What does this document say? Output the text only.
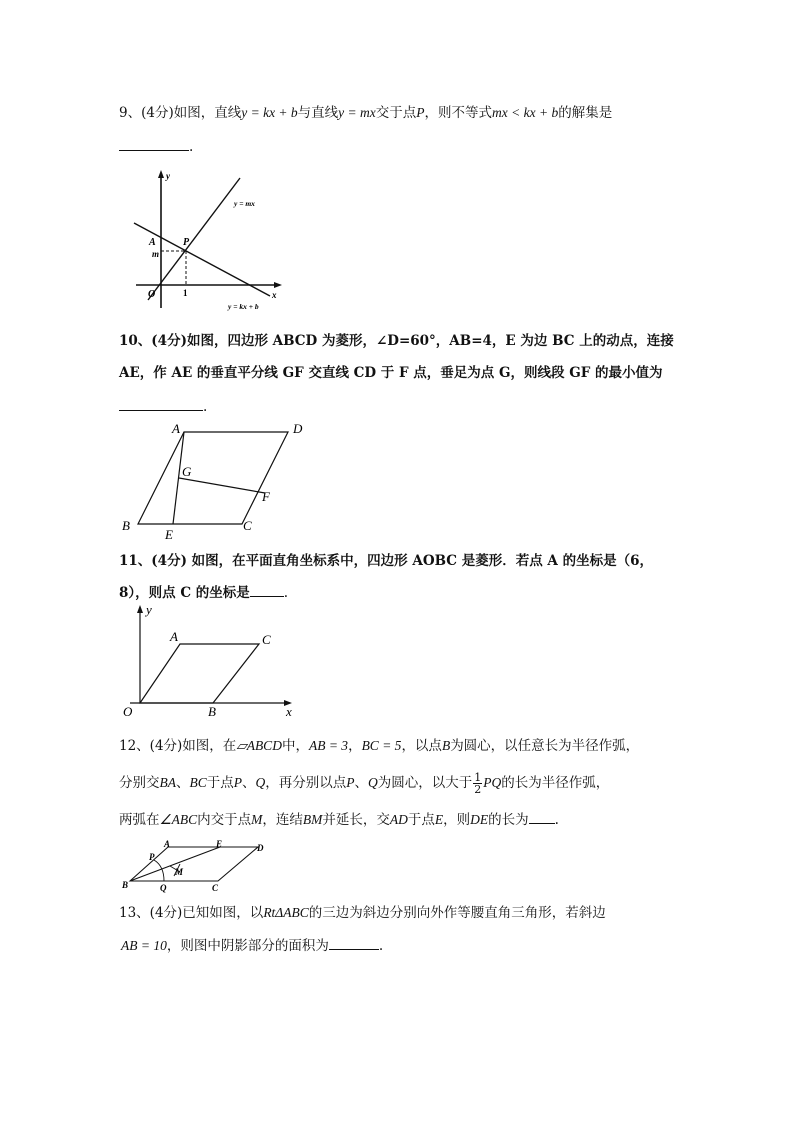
9、(4分)如图，直线y = kx + b与直线y = mx交于点P，则不等式mx < kx + b的解集是
.
y
x
A	P
m
O	1
y = mx
y = kx + b
10、(4分)如图，四边形 ABCD 为菱形，∠D=60°，AB=4，E 为边 BC 上的动点，连接
AE，作 AE 的垂直平分线 GF 交直线 CD 于 F 点，垂足为点 G，则线段 GF 的最小值为
.
A	D
G
F
B
E
C
11、(4分) 如图，在平面直角坐标系中，四边形 AOBC 是菱形．若点 A 的坐标是（6，
8），则点 C 的坐标是	.
y
x
A	C
O	B
12、(4分)如图，在▱ABCD中，AB = 3，BC = 5，以点B为圆心，以任意长为半径作弧，
分别交BA、BC于点P、Q，再分别以点P、Q为圆心，以大于 $\frac{1}{2}$ PQ的长为半径作弧，
两弧在∠ABC内交于点M，连结BM并延长，交AD于点E，则DE的长为 .
P
A	E	D
M
B	Q	C
13、(4分)已知如图，以RtΔABC的三边为斜边分别向外作等腰直角三角形，若斜边
AB = 10，则图中阴影部分的面积为	.
